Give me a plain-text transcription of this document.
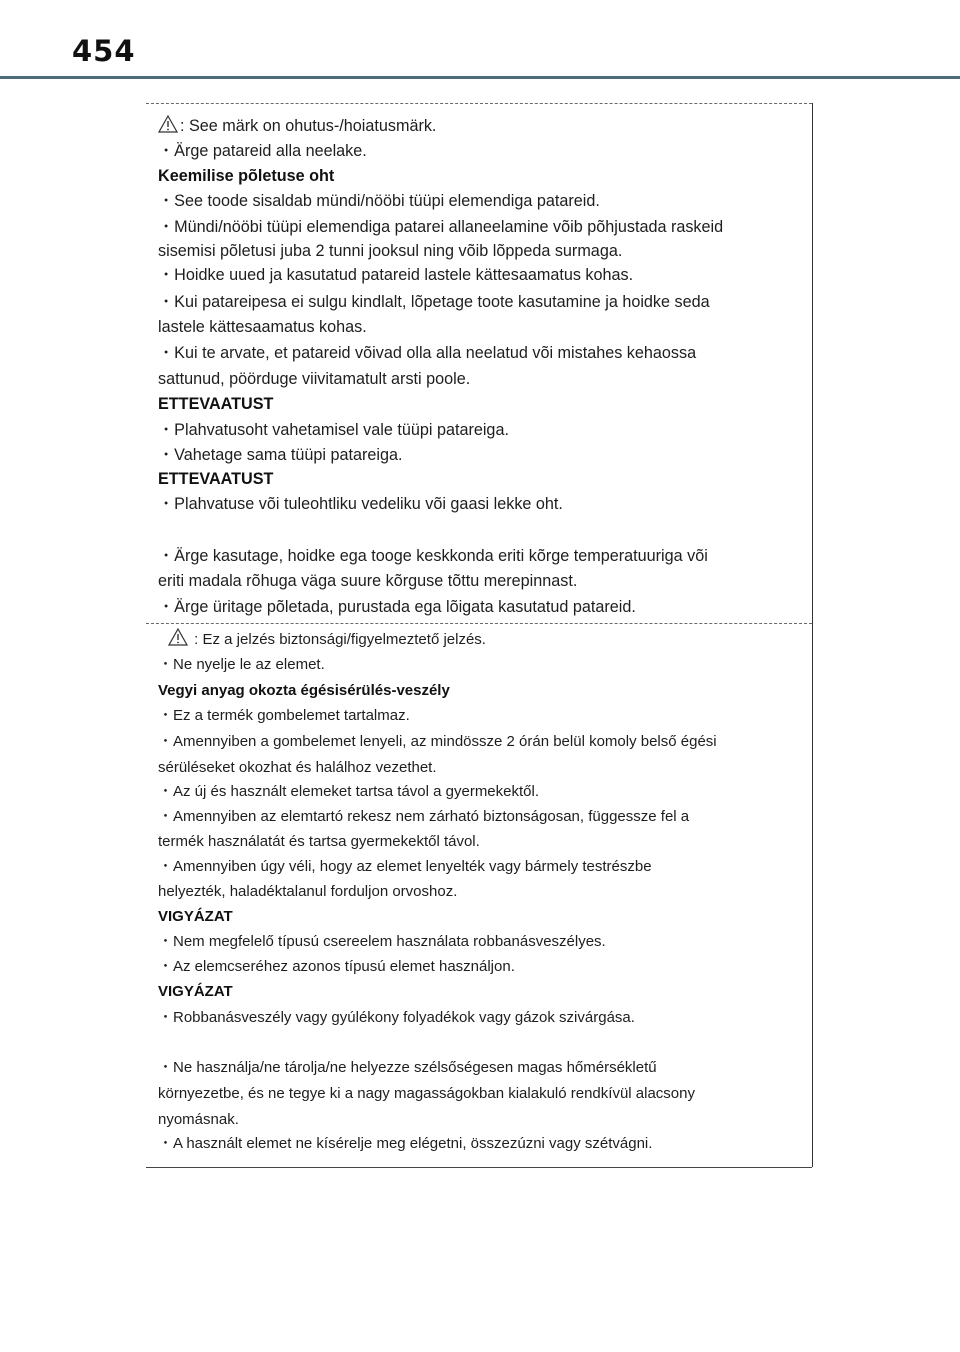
454
: See märk on ohutus-/hoiatusmärk.
・Ärge patareid alla neelake.
Keemilise põletuse oht
・See toode sisaldab mündi/nööbi tüüpi elemendiga patareid.
・Mündi/nööbi tüüpi elemendiga patarei allaneelamine võib põhjustada raskeid
sisemisi põletusi juba 2 tunni jooksul ning võib lõppeda surmaga.
・Hoidke uued ja kasutatud patareid lastele kättesaamatus kohas.
・Kui patareipesa ei sulgu kindlalt, lõpetage toote kasutamine ja hoidke seda
lastele kättesaamatus kohas.
・Kui te arvate, et patareid võivad olla alla neelatud või mistahes kehaossa
sattunud, pöörduge viivitamatult arsti poole.
ETTEVAATUST
・Plahvatusoht vahetamisel vale tüüpi patareiga.
・Vahetage sama tüüpi patareiga.
ETTEVAATUST
・Plahvatuse või tuleohtliku vedeliku või gaasi lekke oht.
・Ärge kasutage, hoidke ega tooge keskkonda eriti kõrge temperatuuriga või
eriti madala rõhuga väga suure kõrguse tõttu merepinnast.
・Ärge üritage põletada, purustada ega lõigata kasutatud patareid.
: Ez a jelzés biztonsági/figyelmeztető jelzés.
・Ne nyelje le az elemet.
Vegyi anyag okozta égésisérülés-veszély
・Ez a termék gombelemet tartalmaz.
・Amennyiben a gombelemet lenyeli, az mindössze 2 órán belül komoly belső égési
sérüléseket okozhat és halálhoz vezethet.
・Az új és használt elemeket tartsa távol a gyermekektől.
・Amennyiben az elemtartó rekesz nem zárható biztonságosan, függessze fel a
termék használatát és tartsa gyermekektől távol.
・Amennyiben úgy véli, hogy az elemet lenyelték vagy bármely testrészbe
helyezték, haladéktalanul forduljon orvoshoz.
VIGYÁZAT
・Nem megfelelő típusú csereelem használata robbanásveszélyes.
・Az elemcseréhez azonos típusú elemet használjon.
VIGYÁZAT
・Robbanásveszély vagy gyúlékony folyadékok vagy gázok szivárgása.
・Ne használja/ne tárolja/ne helyezze szélsőségesen magas hőmérsékletű
környezetbe, és ne tegye ki a nagy magasságokban kialakuló rendkívül alacsony
nyomásnak.
・A használt elemet ne kísérelje meg elégetni, összezúzni vagy szétvágni.
